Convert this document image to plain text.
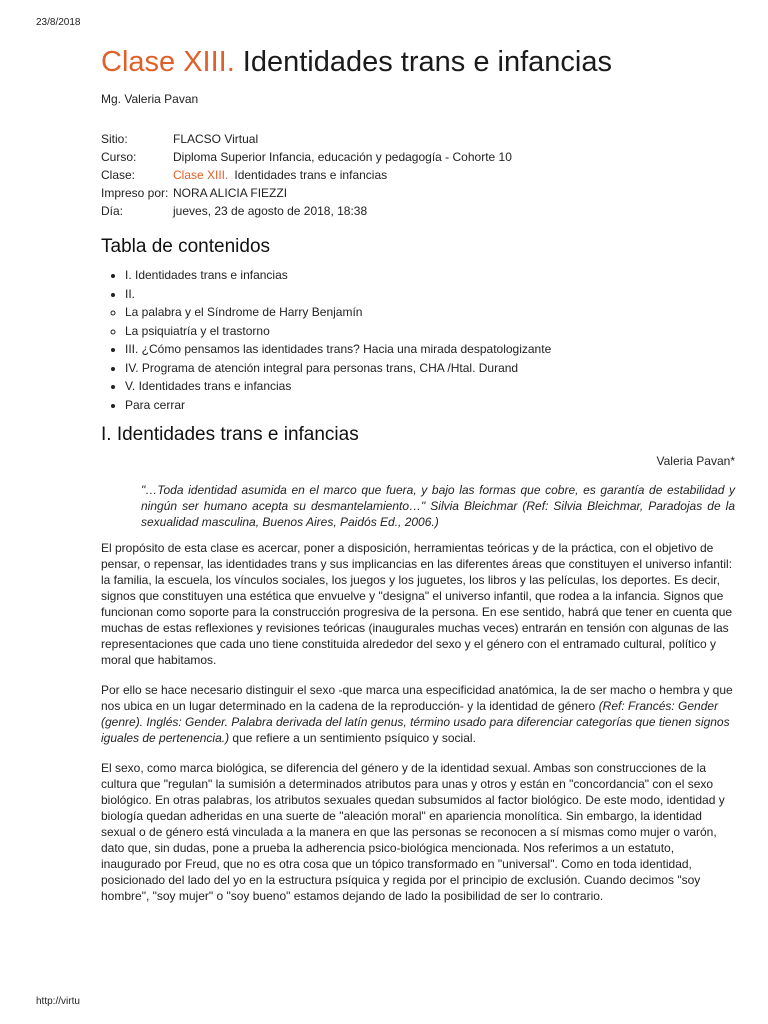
23/8/2018
Clase XIII. Identidades trans e infancias
Mg. Valeria Pavan
Sitio:	FLACSO Virtual
Curso:	Diploma Superior Infancia, educación y pedagogía - Cohorte 10
Clase:	Clase XIII. Identidades trans e infancias
Impreso por:	NORA ALICIA FIEZZI
Día:	jueves, 23 de agosto de 2018, 18:38
Tabla de contenidos
• I. Identidades trans e infancias
• II.
◦ La palabra y el Síndrome de Harry Benjamín
◦ La psiquiatría y el trastorno
• III. ¿Cómo pensamos las identidades trans? Hacia una mirada despatologizante
• IV. Programa de atención integral para personas trans, CHA /Htal. Durand
• V. Identidades trans e infancias
• Para cerrar
I. Identidades trans e infancias
Valeria Pavan*
"…Toda identidad asumida en el marco que fuera, y bajo las formas que cobre, es garantía de estabilidad y ningún ser humano acepta su desmantelamiento…" Silvia Bleichmar (Ref: Silvia Bleichmar, Paradojas de la sexualidad masculina, Buenos Aires, Paidós Ed., 2006.)

El propósito de esta clase es acercar, poner a disposición, herramientas teóricas y de la práctica, con el objetivo de pensar, o repensar, las identidades trans y sus implicancias en las diferentes áreas que constituyen el universo infantil: la familia, la escuela, los vínculos sociales, los juegos y los juguetes, los libros y las películas, los deportes. Es decir, signos que constituyen una estética que envuelve y "designa" el universo infantil, que rodea a la infancia. Signos que funcionan como soporte para la construcción progresiva de la persona. En ese sentido, habrá que tener en cuenta que muchas de estas reflexiones y revisiones teóricas (inaugurales muchas veces) entrarán en tensión con algunas de las representaciones que cada uno tiene constituida alrededor del sexo y el género con el entramado cultural, político y moral que habitamos.

Por ello se hace necesario distinguir el sexo -que marca una especificidad anatómica, la de ser macho o hembra y que nos ubica en un lugar determinado en la cadena de la reproducción- y la identidad de género (Ref: Francés: Gender (genre). Inglés: Gender. Palabra derivada del latín genus, término usado para diferenciar categorías que tienen signos iguales de pertenencia.) que refiere a un sentimiento psíquico y social.

El sexo, como marca biológica, se diferencia del género y de la identidad sexual. Ambas son construcciones de la cultura que "regulan" la sumisión a determinados atributos para unas y otros y están en "concordancia" con el sexo biológico. En otras palabras, los atributos sexuales quedan subsumidos al factor biológico. De este modo, identidad y biología quedan adheridas en una suerte de "aleación moral" en apariencia monolítica. Sin embargo, la identidad sexual o de género está vinculada a la manera en que las personas se reconocen a sí mismas como mujer o varón, dato que, sin dudas, pone a prueba la adherencia psico-biológica mencionada. Nos referimos a un estatuto, inaugurado por Freud, que no es otra cosa que un tópico transformado en "universal". Como en toda identidad, posicionado del lado del yo en la estructura psíquica y regida por el principio de exclusión. Cuando decimos "soy hombre", "soy mujer" o "soy bueno" estamos dejando de lado la posibilidad de ser lo contrario.

http://virtu
